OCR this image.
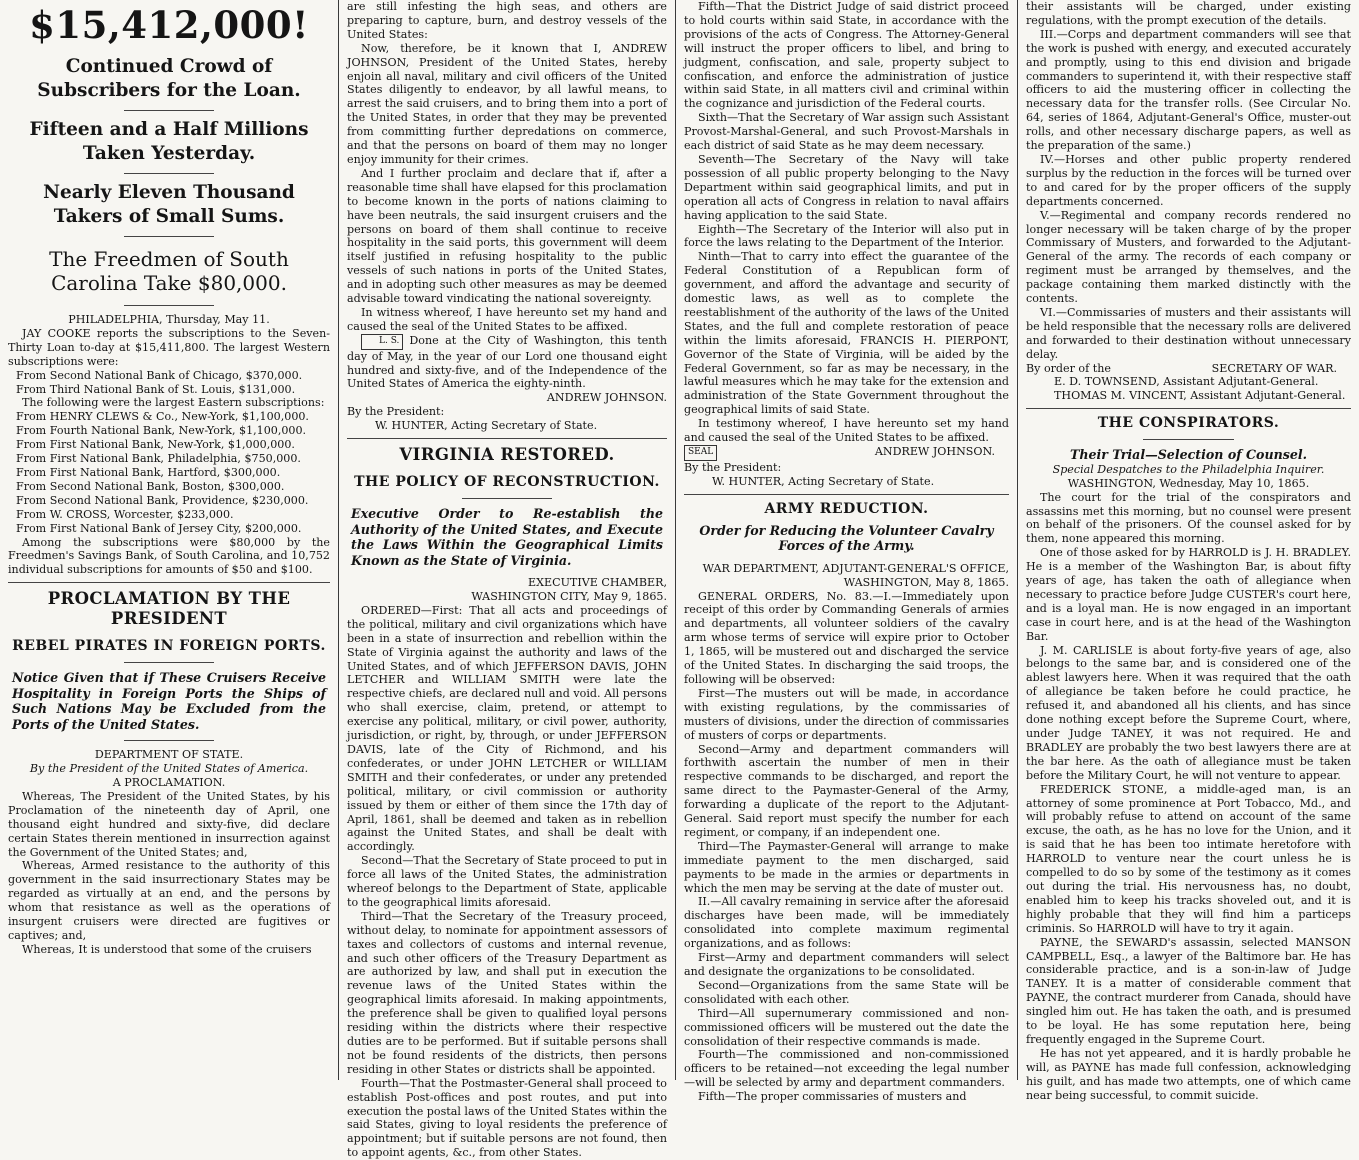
$15,412,000!
Continued Crowd of Subscribers for the Loan.
Fifteen and a Half Millions Taken Yesterday.
Nearly Eleven Thousand Takers of Small Sums.
The Freedmen of South Carolina Take $80,000.

PHILADELPHIA, Thursday, May 11.

JAY COOKE reports the subscriptions to the Seven-Thirty Loan to-day at $15,411,800. The largest Western subscriptions were:

From Second National Bank of Chicago, $370,000.
From Third National Bank of St. Louis, $131,000.

The following were the largest Eastern subscriptions:

From HENRY CLEWS & Co., New-York, $1,100,000.
From Fourth National Bank, New-York, $1,100,000.
From First National Bank, New-York, $1,000,000.
From First National Bank, Philadelphia, $750,000.
From First National Bank, Hartford, $300,000.
From Second National Bank, Boston, $300,000.
From Second National Bank, Providence, $230,000.
From W. CROSS, Worcester, $233,000.
From First National Bank of Jersey City, $200,000.

Among the subscriptions were $80,000 by the Freedmen's Savings Bank, of South Carolina, and 10,752 individual subscriptions for amounts of $50 and $100.

PROCLAMATION BY THE PRESIDENT
REBEL PIRATES IN FOREIGN PORTS.
Notice Given that if These Cruisers Receive Hospitality in Foreign Ports the Ships of Such Nations May be Excluded from the Ports of the United States.

DEPARTMENT OF STATE.

By the President of the United States of America.

A PROCLAMATION.

Whereas, The President of the United States, by his Proclamation of the nineteenth day of April, one thousand eight hundred and sixty-five, did declare certain States therein mentioned in insurrection against the Government of the United States; and,

Whereas, Armed resistance to the authority of this government in the said insurrectionary States may be regarded as virtually at an end, and the persons by whom that resistance as well as the operations of insurgent cruisers were directed are fugitives or captives; and,

Whereas, It is understood that some of the cruisers

are still infesting the high seas, and others are preparing to capture, burn, and destroy vessels of the United States:

Now, therefore, be it known that I, ANDREW JOHNSON, President of the United States, hereby enjoin all naval, military and civil officers of the United States diligently to endeavor, by all lawful means, to arrest the said cruisers, and to bring them into a port of the United States, in order that they may be prevented from committing further depredations on commerce, and that the persons on board of them may no longer enjoy immunity for their crimes.

And I further proclaim and declare that if, after a reasonable time shall have elapsed for this proclamation to become known in the ports of nations claiming to have been neutrals, the said insurgent cruisers and the persons on board of them shall continue to receive hospitality in the said ports, this government will deem itself justified in refusing hospitality to the public vessels of such nations in ports of the United States, and in adopting such other measures as may be deemed advisable toward vindicating the national sovereignty.

In witness whereof, I have hereunto set my hand and caused the seal of the United States to be affixed.

L. S. Done at the City of Washington, this tenth day of May, in the year of our Lord one thousand eight hundred and sixty-five, and of the Independence of the United States of America the eighty-ninth.

ANDREW JOHNSON.

By the President:

W. HUNTER, Acting Secretary of State.

VIRGINIA RESTORED.
THE POLICY OF RECONSTRUCTION.
Executive Order to Re-establish the Authority of the United States, and Execute the Laws Within the Geographical Limits Known as the State of Virginia.

EXECUTIVE CHAMBER,

WASHINGTON CITY, May 9, 1865.

ORDERED—First: That all acts and proceedings of the political, military and civil organizations which have been in a state of insurrection and rebellion within the State of Virginia against the authority and laws of the United States, and of which JEFFERSON DAVIS, JOHN LETCHER and WILLIAM SMITH were late the respective chiefs, are declared null and void. All persons who shall exercise, claim, pretend, or attempt to exercise any political, military, or civil power, authority, jurisdiction, or right, by, through, or under JEFFERSON DAVIS, late of the City of Richmond, and his confederates, or under JOHN LETCHER or WILLIAM SMITH and their confederates, or under any pretended political, military, or civil commission or authority issued by them or either of them since the 17th day of April, 1861, shall be deemed and taken as in rebellion against the United States, and shall be dealt with accordingly.

Second—That the Secretary of State proceed to put in force all laws of the United States, the administration whereof belongs to the Department of State, applicable to the geographical limits aforesaid.

Third—That the Secretary of the Treasury proceed, without delay, to nominate for appointment assessors of taxes and collectors of customs and internal revenue, and such other officers of the Treasury Department as are authorized by law, and shall put in execution the revenue laws of the United States within the geographical limits aforesaid. In making appointments, the preference shall be given to qualified loyal persons residing within the districts where their respective duties are to be performed. But if suitable persons shall not be found residents of the districts, then persons residing in other States or districts shall be appointed.

Fourth—That the Postmaster-General shall proceed to establish Post-offices and post routes, and put into execution the postal laws of the United States within the said States, giving to loyal residents the preference of appointment; but if suitable persons are not found, then to appoint agents, &c., from other States.

Fifth—That the District Judge of said district proceed to hold courts within said State, in accordance with the provisions of the acts of Congress. The Attorney-General will instruct the proper officers to libel, and bring to judgment, confiscation, and sale, property subject to confiscation, and enforce the administration of justice within said State, in all matters civil and criminal within the cognizance and jurisdiction of the Federal courts.

Sixth—That the Secretary of War assign such Assistant Provost-Marshal-General, and such Provost-Marshals in each district of said State as he may deem necessary.

Seventh—The Secretary of the Navy will take possession of all public property belonging to the Navy Department within said geographical limits, and put in operation all acts of Congress in relation to naval affairs having application to the said State.

Eighth—The Secretary of the Interior will also put in force the laws relating to the Department of the Interior.

Ninth—That to carry into effect the guarantee of the Federal Constitution of a Republican form of government, and afford the advantage and security of domestic laws, as well as to complete the reestablishment of the authority of the laws of the United States, and the full and complete restoration of peace within the limits aforesaid, FRANCIS H. PIERPONT, Governor of the State of Virginia, will be aided by the Federal Government, so far as may be necessary, in the lawful measures which he may take for the extension and administration of the State Government throughout the geographical limits of said State.

In testimony whereof, I have hereunto set my hand and caused the seal of the United States to be affixed.

SEAL	ANDREW JOHNSON.

By the President:

W. HUNTER, Acting Secretary of State.

ARMY REDUCTION.
Order for Reducing the Volunteer Cavalry Forces of the Army.

WAR DEPARTMENT, ADJUTANT-GENERAL'S OFFICE, WASHINGTON, May 8, 1865.

GENERAL ORDERS, No. 83.—I.—Immediately upon receipt of this order by Commanding Generals of armies and departments, all volunteer soldiers of the cavalry arm whose terms of service will expire prior to October 1, 1865, will be mustered out and discharged the service of the United States. In discharging the said troops, the following will be observed:

First—The musters out will be made, in accordance with existing regulations, by the commissaries of musters of divisions, under the direction of commissaries of musters of corps or departments.

Second—Army and department commanders will forthwith ascertain the number of men in their respective commands to be discharged, and report the same direct to the Paymaster-General of the Army, forwarding a duplicate of the report to the Adjutant-General. Said report must specify the number for each regiment, or company, if an independent one.

Third—The Paymaster-General will arrange to make immediate payment to the men discharged, said payments to be made in the armies or departments in which the men may be serving at the date of muster out.

II.—All cavalry remaining in service after the aforesaid discharges have been made, will be immediately consolidated into complete maximum regimental organizations, and as follows:

First—Army and department commanders will select and designate the organizations to be consolidated.

Second—Organizations from the same State will be consolidated with each other.

Third—All supernumerary commissioned and non-commissioned officers will be mustered out the date the consolidation of their respective commands is made.

Fourth—The commissioned and non-commissioned officers to be retained—not exceeding the legal number—will be selected by army and department commanders.

Fifth—The proper commissaries of musters and

their assistants will be charged, under existing regulations, with the prompt execution of the details.

III.—Corps and department commanders will see that the work is pushed with energy, and executed accurately and promptly, using to this end division and brigade commanders to superintend it, with their respective staff officers to aid the mustering officer in collecting the necessary data for the transfer rolls. (See Circular No. 64, series of 1864, Adjutant-General's Office, muster-out rolls, and other necessary discharge papers, as well as the preparation of the same.)

IV.—Horses and other public property rendered surplus by the reduction in the forces will be turned over to and cared for by the proper officers of the supply departments concerned.

V.—Regimental and company records rendered no longer necessary will be taken charge of by the proper Commissary of Musters, and forwarded to the Adjutant-General of the army. The records of each company or regiment must be arranged by themselves, and the package containing them marked distinctly with the contents.

VI.—Commissaries of musters and their assistants will be held responsible that the necessary rolls are delivered and forwarded to their destination without unnecessary delay.

By order of the	SECRETARY OF WAR.

E. D. TOWNSEND, Assistant Adjutant-General.

THOMAS M. VINCENT, Assistant Adjutant-General.

THE CONSPIRATORS.
Their Trial—Selection of Counsel.

Special Despatches to the Philadelphia Inquirer.

WASHINGTON, Wednesday, May 10, 1865.

The court for the trial of the conspirators and assassins met this morning, but no counsel were present on behalf of the prisoners. Of the counsel asked for by them, none appeared this morning.

One of those asked for by HARROLD is J. H. BRADLEY. He is a member of the Washington Bar, is about fifty years of age, has taken the oath of allegiance when necessary to practice before Judge CUSTER's court here, and is a loyal man. He is now engaged in an important case in court here, and is at the head of the Washington Bar.

J. M. CARLISLE is about forty-five years of age, also belongs to the same bar, and is considered one of the ablest lawyers here. When it was required that the oath of allegiance be taken before he could practice, he refused it, and abandoned all his clients, and has since done nothing except before the Supreme Court, where, under Judge TANEY, it was not required. He and BRADLEY are probably the two best lawyers there are at the bar here. As the oath of allegiance must be taken before the Military Court, he will not venture to appear.

FREDERICK STONE, a middle-aged man, is an attorney of some prominence at Port Tobacco, Md., and will probably refuse to attend on account of the same excuse, the oath, as he has no love for the Union, and it is said that he has been too intimate heretofore with HARROLD to venture near the court unless he is compelled to do so by some of the testimony as it comes out during the trial. His nervousness has, no doubt, enabled him to keep his tracks shoveled out, and it is highly probable that they will find him a particeps criminis. So HARROLD will have to try it again.

PAYNE, the SEWARD's assassin, selected MANSON CAMPBELL, Esq., a lawyer of the Baltimore bar. He has considerable practice, and is a son-in-law of Judge TANEY. It is a matter of considerable comment that PAYNE, the contract murderer from Canada, should have singled him out. He has taken the oath, and is presumed to be loyal. He has some reputation here, being frequently engaged in the Supreme Court.

He has not yet appeared, and it is hardly probable he will, as PAYNE has made full confession, acknowledging his guilt, and has made two attempts, one of which came near being successful, to commit suicide.
